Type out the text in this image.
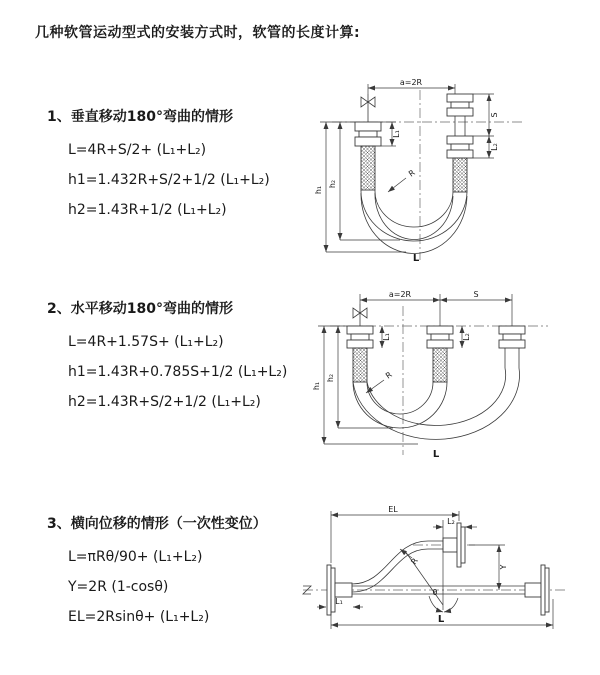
几种软管运动型式的安装方式时，软管的长度计算:
1、垂直移动180°弯曲的情形
L=4R+S/2+ (L₁+L₂)
h1=1.432R+S/2+1/2 (L₁+L₂)
h2=1.43R+1/2 (L₁+L₂)
2、水平移动180°弯曲的情形
L=4R+1.57S+ (L₁+L₂)
h1=1.43R+0.785S+1/2 (L₁+L₂)
h2=1.43R+S/2+1/2 (L₁+L₂)
3、横向位移的情形（一次性变位）
L=πRθ/90+ (L₁+L₂)
Y=2R (1-cosθ)
EL=2Rsinθ+ (L₁+L₂)
a=2R
L₁
S
L₂
R
h₁
h₂
L
a=2R	S
L₁	L₂
R
h₁
h₂
L
EL
L₂
Y
θ
R
L₁
L
